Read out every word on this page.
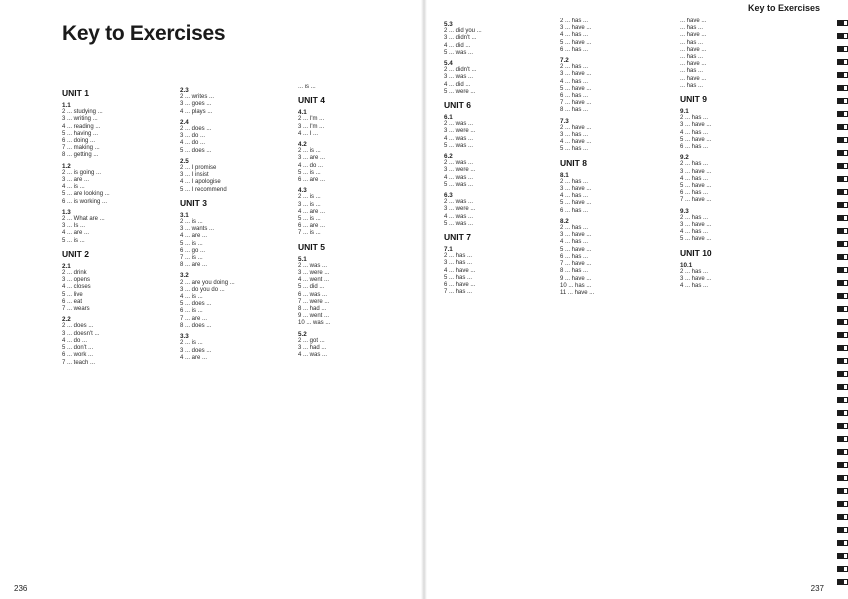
Key to Exercises
UNIT 1
1.1
2 ... studying ...
3 ... writing ...
4 ... reading ...
5 ... having ...
6 ... doing ...
7 ... making ...
8 ... getting ...
1.2
2 ... is going ...
3 ... are ...
4 ... is ...
5 ... are looking ...
6 ... is working ...
1.3
2 ... What are ...
3 ... Is ...
4 ... are ...
5 ... is ...
UNIT 2
2.1
2 ... drink
3 ... opens
4 ... closes
5 ... live
6 ... eat
7 ... wears
2.2
2 ... does ...
3 ... doesn't ...
4 ... do ...
5 ... don't ...
6 ... work ...
7 ... teach ...
2.3
2 ... writes ...
3 ... goes ...
4 ... plays ...
2.4
2 ... does ...
3 ... do ...
4 ... do ...
5 ... does ...
2.5
2 ... I promise
3 ... I insist
4 ... I apologise
5 ... I recommend
UNIT 3
3.1
2 ... is ...
3 ... wants ...
4 ... are ...
5 ... is ...
6 ... go ...
7 ... is ...
8 ... are ...
3.2
2 ... are you doing ...
3 ... do you do ...
4 ... is ...
5 ... does ...
6 ... is ...
7 ... are ...
8 ... does ...
3.3
2 ... is ...
3 ... does ...
4 ... are ...
... is ...
UNIT 4
4.1
2 ... I'm ...
3 ... I'm ...
4 ... I ...
4.2
2 ... is ...
3 ... are ...
4 ... do ...
5 ... is ...
6 ... are ...
4.3
2 ... is ...
3 ... is ...
4 ... are ...
5 ... is ...
6 ... are ...
7 ... is ...
UNIT 5
5.1
2 ... was ...
3 ... were ...
4 ... went ...
5 ... did ...
6 ... was ...
7 ... were ...
8 ... had ...
9 ... went ...
10 ... was ...
5.2
2 ... got ...
3 ... had ...
4 ... was ...
236
Key to Exercises
5.3
2 ... did you ...
3 ... didn't ...
4 ... did ...
5 ... was ...
5.4
2 ... didn't ...
3 ... was ...
4 ... did ...
5 ... were ...
UNIT 6
6.1
2 ... was ...
3 ... were ...
4 ... was ...
5 ... was ...
6.2
2 ... was ...
3 ... were ...
4 ... was ...
5 ... was ...
6.3
2 ... was ...
3 ... were ...
4 ... was ...
5 ... was ...
UNIT 7
7.1
2 ... has ...
3 ... has ...
4 ... have ...
5 ... has ...
6 ... have ...
7 ... has ...
2 ... has ...
3 ... have ...
4 ... has ...
5 ... have ...
6 ... has ...
7.2
2 ... has ...
3 ... have ...
4 ... has ...
5 ... have ...
6 ... has ...
7 ... have ...
8 ... has ...
7.3
2 ... have ...
3 ... has ...
4 ... have ...
5 ... has ...
UNIT 8
8.1
2 ... has ...
3 ... have ...
4 ... has ...
5 ... have ...
6 ... has ...
8.2
2 ... has ...
3 ... have ...
4 ... has ...
5 ... have ...
6 ... has ...
7 ... have ...
8 ... has ...
9 ... have ...
10 ... has ...
11 ... have ...
... have ...
... has ...
... have ...
... has ...
... have ...
... has ...
... have ...
... has ...
... have ...
... has ...
UNIT 9
9.1
2 ... has ...
3 ... have ...
4 ... has ...
5 ... have ...
6 ... has ...
9.2
2 ... has ...
3 ... have ...
4 ... has ...
5 ... have ...
6 ... has ...
7 ... have ...
9.3
2 ... has ...
3 ... have ...
4 ... has ...
5 ... have ...
UNIT 10
10.1
2 ... has ...
3 ... have ...
4 ... has ...
237
